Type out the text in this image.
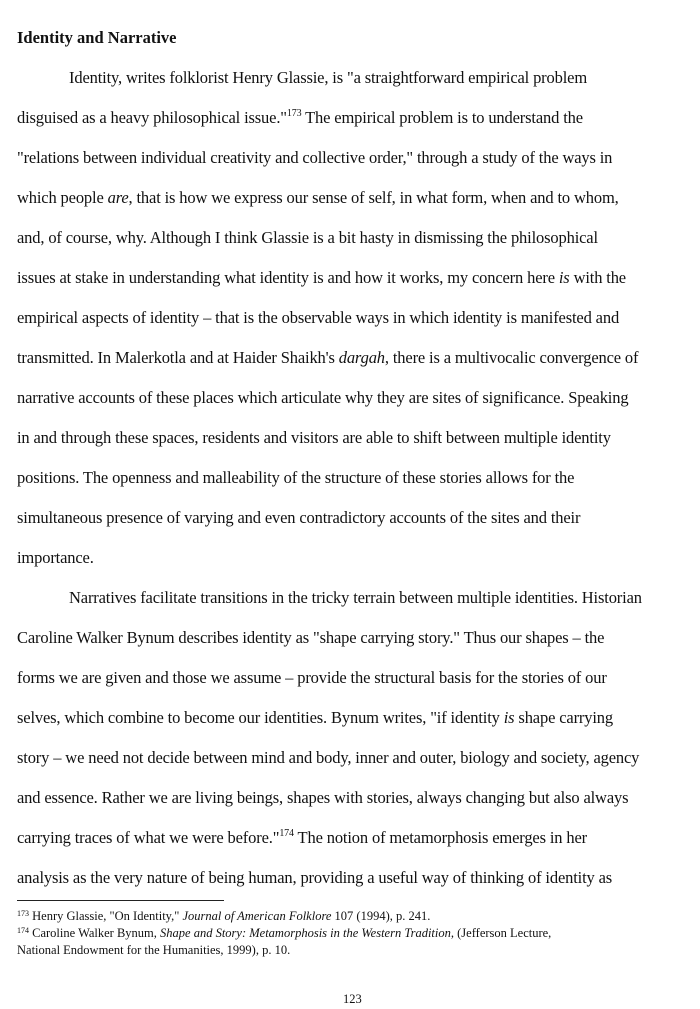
Identity and Narrative
Identity, writes folklorist Henry Glassie, is "a straightforward empirical problem
disguised as a heavy philosophical issue."$^{173}$ The empirical problem is to understand the
"relations between individual creativity and collective order," through a study of the ways in
which people are, that is how we express our sense of self, in what form, when and to whom,
and, of course, why. Although I think Glassie is a bit hasty in dismissing the philosophical
issues at stake in understanding what identity is and how it works, my concern here is with the
empirical aspects of identity – that is the observable ways in which identity is manifested and
transmitted. In Malerkotla and at Haider Shaikh's dargah, there is a multivocalic convergence of
narrative accounts of these places which articulate why they are sites of significance. Speaking
in and through these spaces, residents and visitors are able to shift between multiple identity
positions. The openness and malleability of the structure of these stories allows for the
simultaneous presence of varying and even contradictory accounts of the sites and their
importance.
Narratives facilitate transitions in the tricky terrain between multiple identities. Historian
Caroline Walker Bynum describes identity as "shape carrying story." Thus our shapes – the
forms we are given and those we assume – provide the structural basis for the stories of our
selves, which combine to become our identities. Bynum writes, "if identity is shape carrying
story – we need not decide between mind and body, inner and outer, biology and society, agency
and essence. Rather we are living beings, shapes with stories, always changing but also always
carrying traces of what we were before."$^{174}$ The notion of metamorphosis emerges in her
analysis as the very nature of being human, providing a useful way of thinking of identity as
$^{173}$ Henry Glassie, "On Identity," Journal of American Folklore 107 (1994), p. 241.
$^{174}$ Caroline Walker Bynum, Shape and Story: Metamorphosis in the Western Tradition, (Jefferson Lecture,
National Endowment for the Humanities, 1999), p. 10.
123
